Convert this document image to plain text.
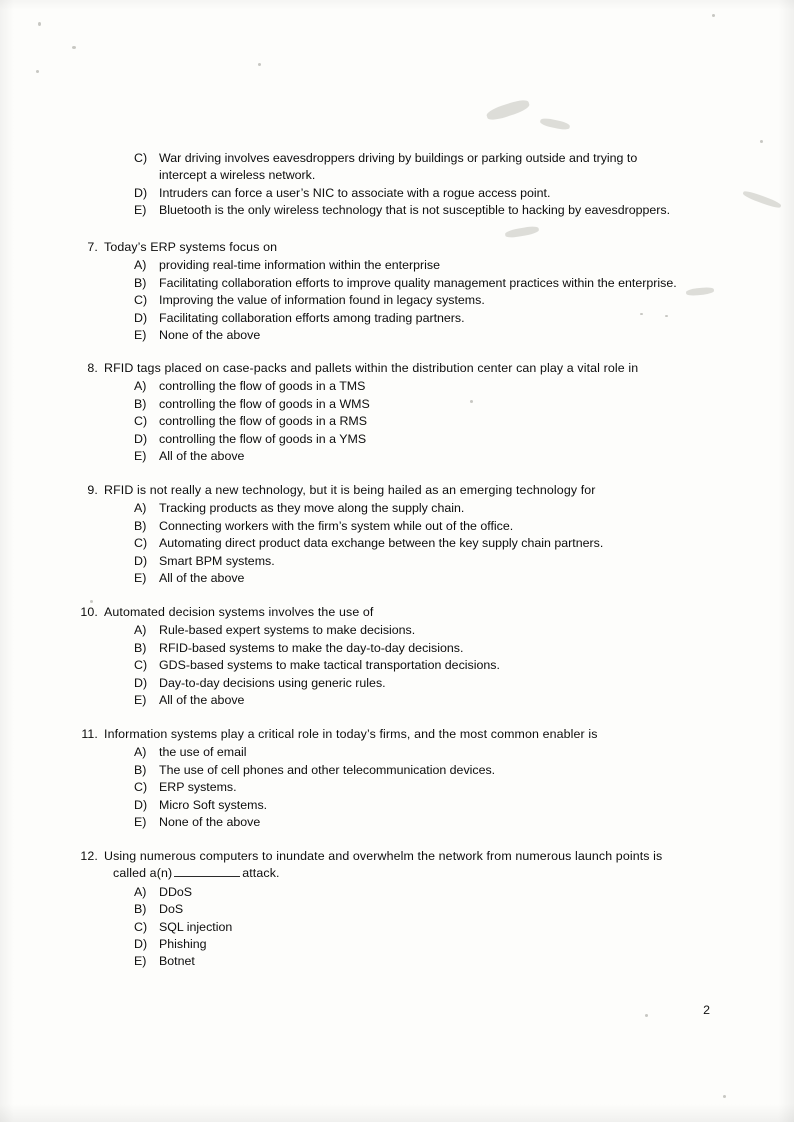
C) War driving involves eavesdroppers driving by buildings or parking outside and trying to
intercept a wireless network.
D) Intruders can force a user’s NIC to associate with a rogue access point.
E)	Bluetooth is the only wireless technology that is not susceptible to hacking by eavesdroppers.
7. Today’s ERP systems focus on
A)	providing real-time information within the enterprise
B)	Facilitating collaboration efforts to improve quality management practices within the enterprise.
C) Improving the value of information found in legacy systems.
D) Facilitating collaboration efforts among trading partners.
E)	None of the above
8. RFID tags placed on case-packs and pallets within the distribution center can play a vital role in
A)	controlling the flow of goods in a TMS
B)	controlling the flow of goods in a WMS
C) controlling the flow of goods in a RMS
D) controlling the flow of goods in a YMS
E)	All of the above
9. RFID is not really a new technology, but it is being hailed as an emerging technology for
A)	Tracking products as they move along the supply chain.
B)	Connecting workers with the firm’s system while out of the office.
C) Automating direct product data exchange between the key supply chain partners.
D) Smart BPM systems.
E)	All of the above
10. Automated decision systems involves the use of
A)	Rule-based expert systems to make decisions.
B)	RFID-based systems to make the day-to-day decisions.
C) GDS-based systems to make tactical transportation decisions.
D) Day-to-day decisions using generic rules.
E)	All of the above
11. Information systems play a critical role in today’s firms, and the most common enabler is
A)	the use of email
B)	The use of cell phones and other telecommunication devices.
C) ERP systems.
D) Micro Soft systems.
E)	None of the above
12. Using numerous computers to inundate and overwhelm the network from numerous launch points is
called a(n)	attack.
A)	DDoS
B)	DoS
C) SQL injection
D) Phishing
E)	Botnet
2
